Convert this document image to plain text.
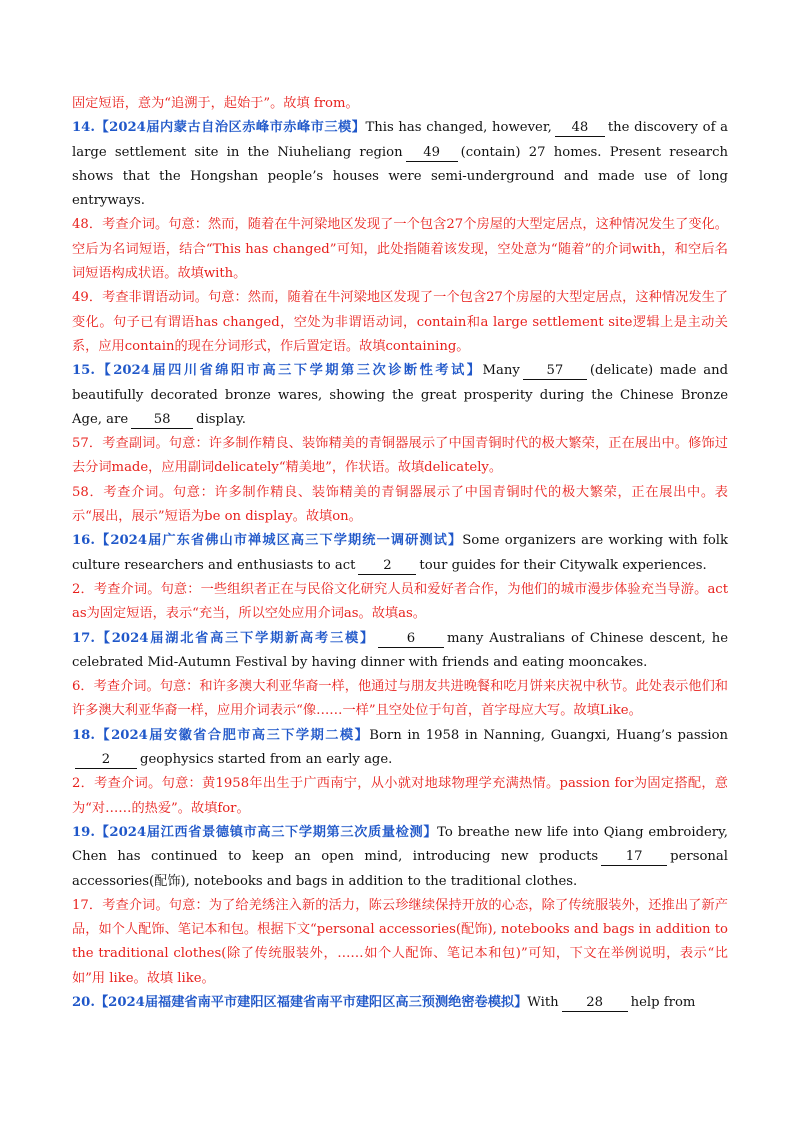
固定短语，意为“追溯于，起始于”。故填 from。

14.【2024届内蒙古自治区赤峰市赤峰市三模】This has changed, however, 48 the discovery of a large settlement site in the Niuheliang region 49 (contain) 27 homes. Present research shows that the Hongshan people’s houses were semi-underground and made use of long entryways.

48．考查介词。句意：然而，随着在牛河梁地区发现了一个包含27个房屋的大型定居点，这种情况发生了变化。空后为名词短语，结合“This has changed”可知，此处指随着该发现，空处意为“随着”的介词with，和空后名词短语构成状语。故填with。

49．考查非谓语动词。句意：然而，随着在牛河梁地区发现了一个包含27个房屋的大型定居点，这种情况发生了变化。句子已有谓语has changed，空处为非谓语动词，contain和a large settlement site逻辑上是主动关系，应用contain的现在分词形式，作后置定语。故填containing。

15.【2024届四川省绵阳市高三下学期第三次诊断性考试】Many 57 (delicate) made and beautifully decorated bronze wares, showing the great prosperity during the Chinese Bronze Age, are 58 display.

57．考查副词。句意：许多制作精良、装饰精美的青铜器展示了中国青铜时代的极大繁荣，正在展出中。修饰过去分词made，应用副词delicately“精美地”，作状语。故填delicately。

58．考查介词。句意：许多制作精良、装饰精美的青铜器展示了中国青铜时代的极大繁荣，正在展出中。表示“展出，展示”短语为be on display。故填on。

16.【2024届广东省佛山市禅城区高三下学期统一调研测试】Some organizers are working with folk culture researchers and enthusiasts to act 2 tour guides for their Citywalk experiences.

2．考查介词。句意：一些组织者正在与民俗文化研究人员和爱好者合作，为他们的城市漫步体验充当导游。act as为固定短语，表示“充当，所以空处应用介词as。故填as。

17.【2024届湖北省高三下学期新高考三模】 6 many Australians of Chinese descent, he celebrated Mid-Autumn Festival by having dinner with friends and eating mooncakes.

6．考查介词。句意：和许多澳大利亚华裔一样，他通过与朋友共进晚餐和吃月饼来庆祝中秋节。此处表示他们和许多澳大利亚华裔一样，应用介词表示“像……一样”且空处位于句首，首字母应大写。故填Like。

18.【2024届安徽省合肥市高三下学期二模】Born in 1958 in Nanning, Guangxi, Huang’s passion2 geophysics started from an early age.

2．考查介词。句意：黄1958年出生于广西南宁，从小就对地球物理学充满热情。passion for为固定搭配，意为“对……的热爱”。故填for。

19.【2024届江西省景德镇市高三下学期第三次质量检测】To breathe new life into Qiang embroidery, Chen has continued to keep an open mind, introducing new products 17 personal accessories(配饰), notebooks and bags in addition to the traditional clothes.

17．考查介词。句意：为了给羌绣注入新的活力，陈云珍继续保持开放的心态，除了传统服装外，还推出了新产品，如个人配饰、笔记本和包。根据下文“personal accessories(配饰), notebooks and bags in addition to the traditional clothes(除了传统服装外，……如个人配饰、笔记本和包)”可知，下文在举例说明，表示“比如”用 like。故填 like。

20.【2024届福建省南平市建阳区福建省南平市建阳区高三预测绝密卷模拟】With 28 help from
